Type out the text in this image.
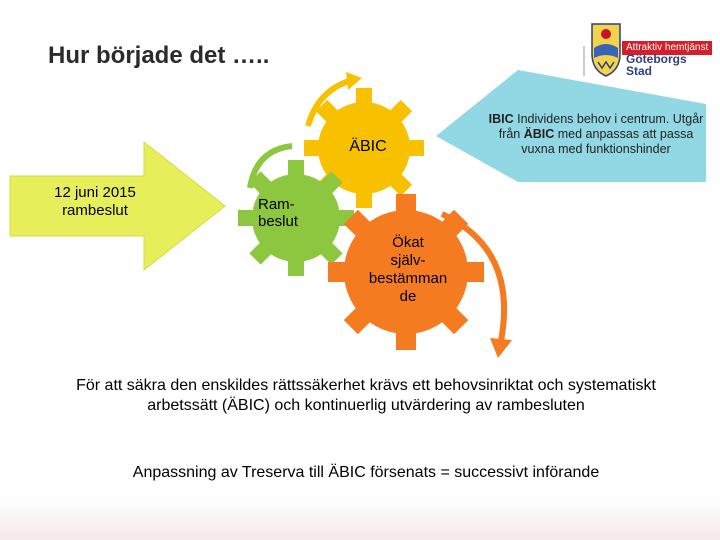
Hur började det …..	Attraktiv hemtjänst
Göteborgs
Stad
12 juni 2015 rambeslut
ÄBIC
Ram-
beslut
Ökat
själv-
bestämman
de
IBIC Individens behov i centrum. Utgår från ÄBIC med anpassas att passa vuxna med funktionshinder
För att säkra den enskildes rättssäkerhet krävs ett behovsinriktat och systematiskt arbetssätt (ÄBIC) och kontinuerlig utvärdering av rambesluten
Anpassning av Treserva till ÄBIC försenats = successivt införande
